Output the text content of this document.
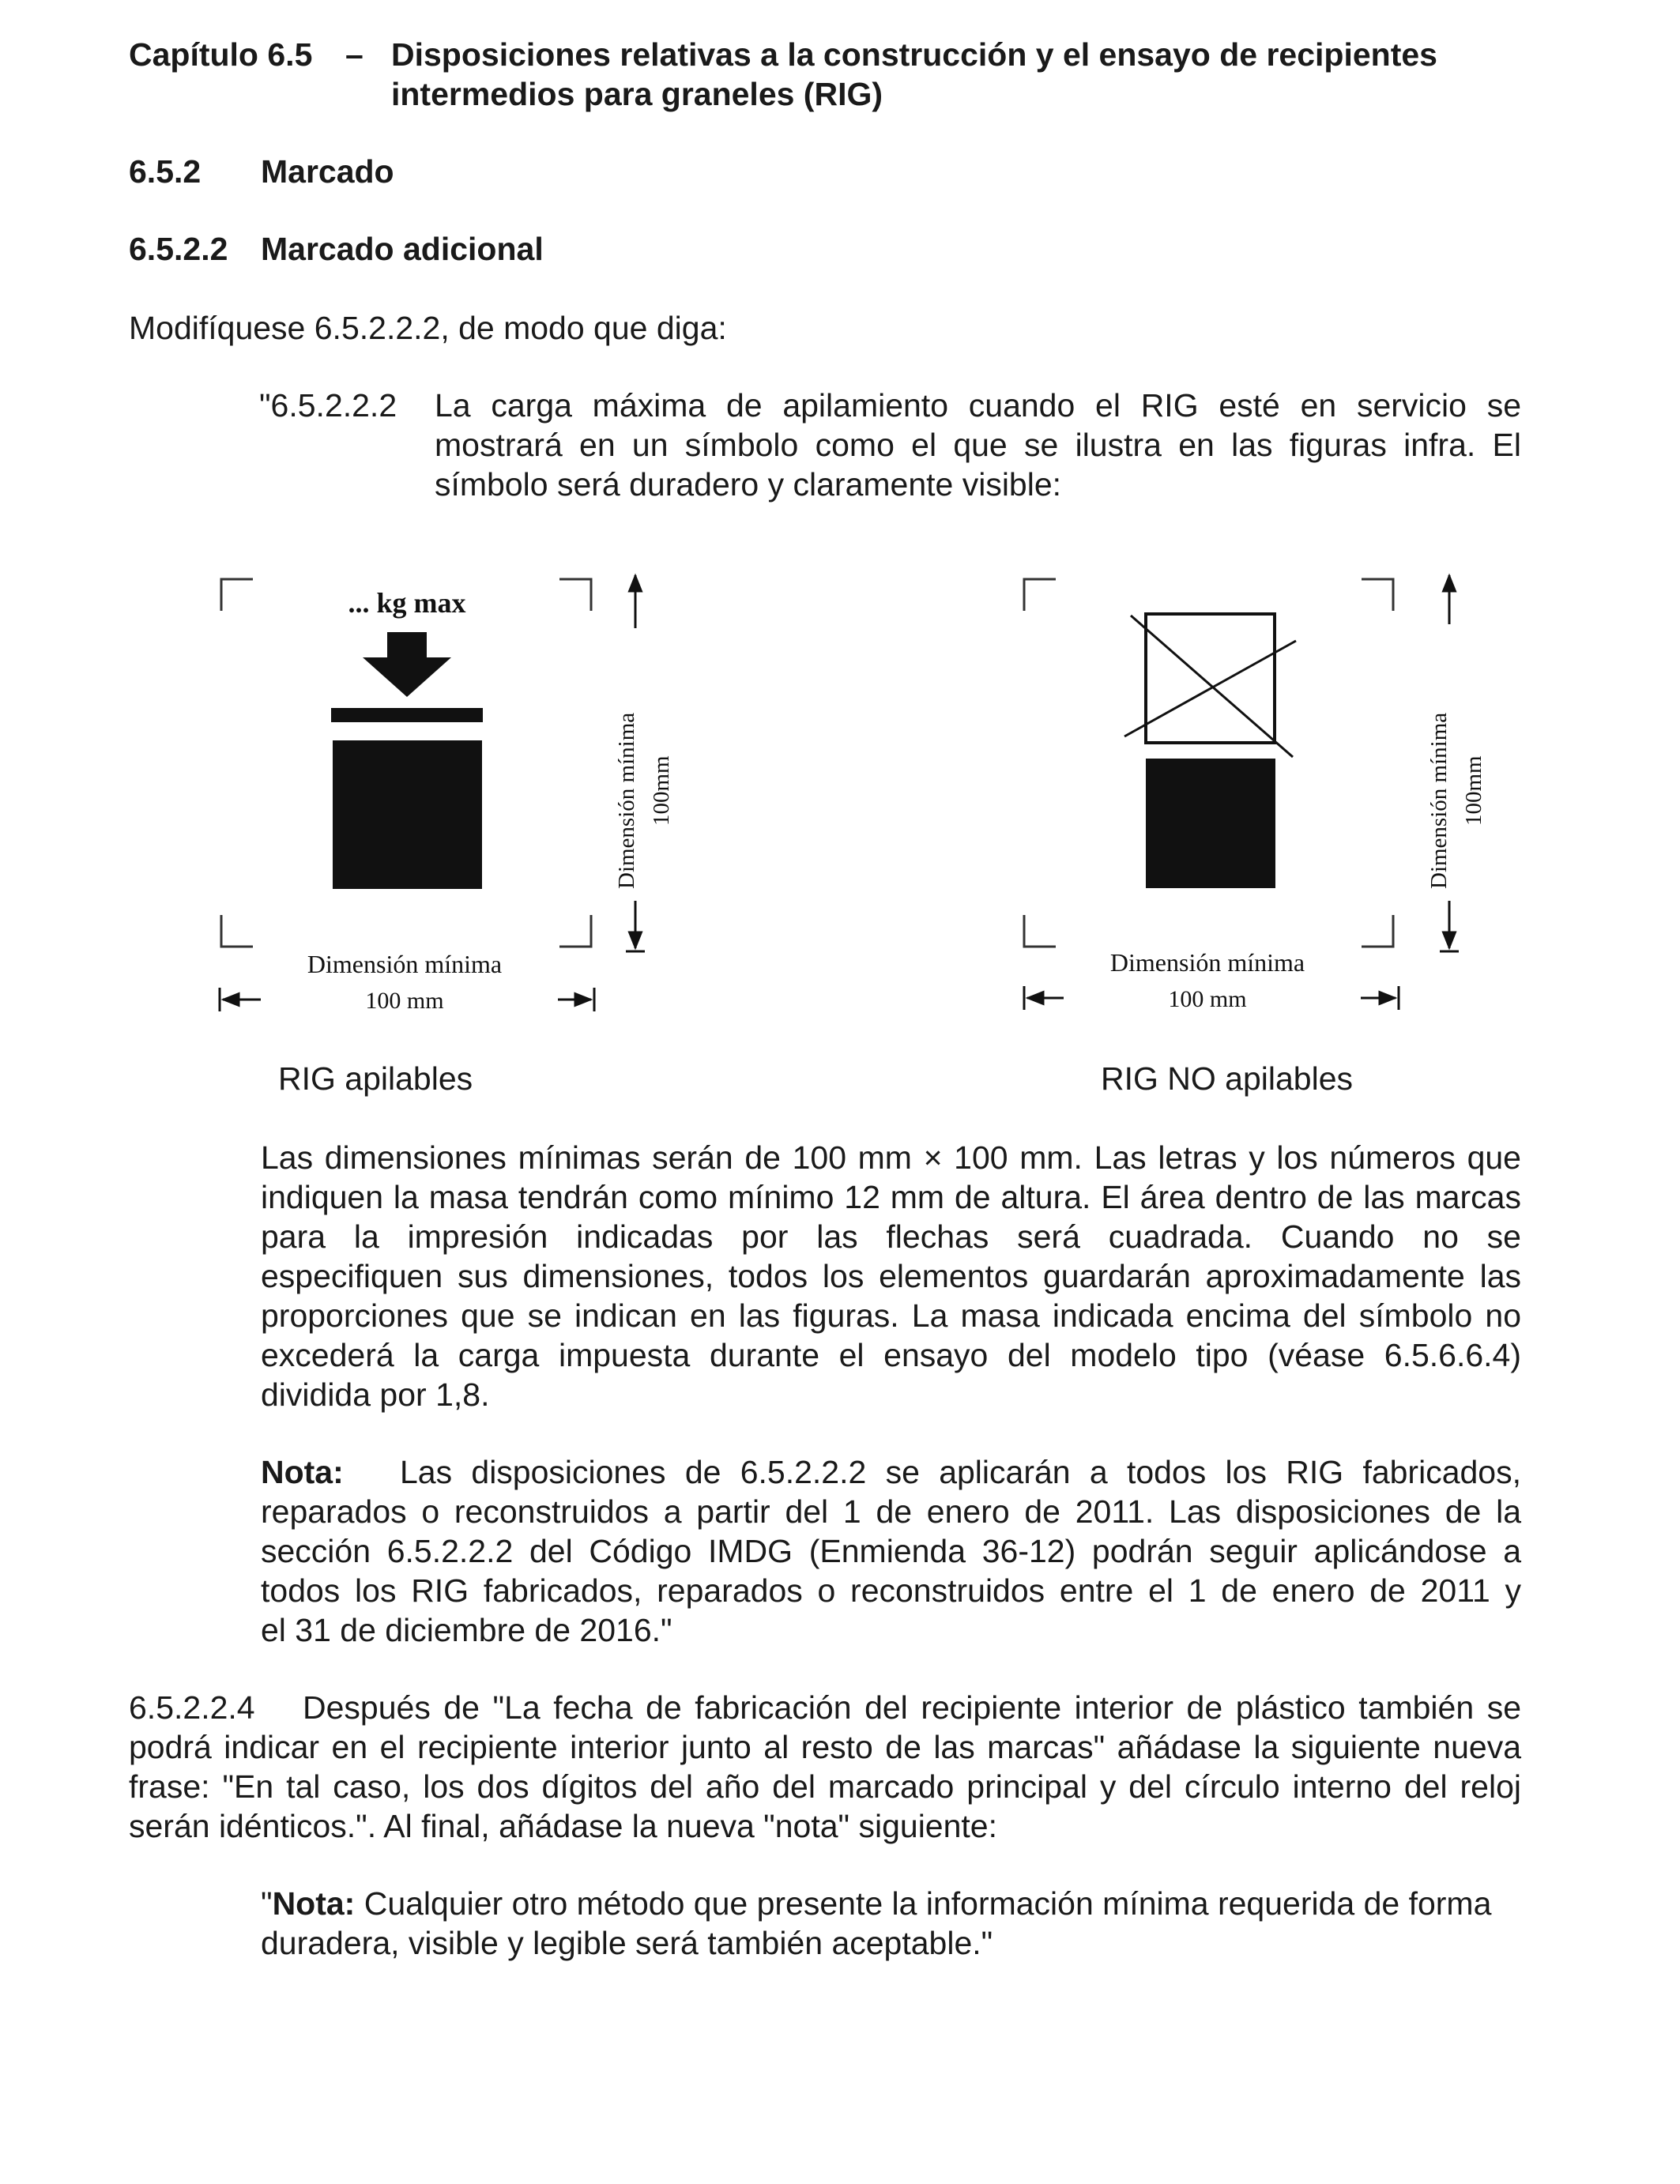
Capítulo 6.5 – Disposiciones relativas a la construcción y el ensayo de recipientes
intermedios para graneles (RIG)
6.5.2 Marcado
6.5.2.2 Marcado adicional
Modifíquese 6.5.2.2.2, de modo que diga:
"6.5.2.2.2 La carga máxima de apilamiento cuando el RIG esté en servicio se
mostrará en un símbolo como el que se ilustra en las figuras infra. El
símbolo será duradero y claramente visible:
... kg max
Dimensión mínima 100mm
Dimensión mínima
100 mm
Dimensión mínima 100mm
Dimensión mínima
100 mm
RIG apilables	RIG NO apilables
Las dimensiones mínimas serán de 100 mm × 100 mm. Las letras y los números que
indiquen la masa tendrán como mínimo 12 mm de altura. El área dentro de las marcas
para la impresión indicadas por las flechas será cuadrada. Cuando no se
especifiquen sus dimensiones, todos los elementos guardarán aproximadamente las
proporciones que se indican en las figuras. La masa indicada encima del símbolo no
excederá la carga impuesta durante el ensayo del modelo tipo (véase 6.5.6.6.4)
dividida por 1,8.
Nota: Las disposiciones de 6.5.2.2.2 se aplicarán a todos los RIG fabricados,
reparados o reconstruidos a partir del 1 de enero de 2011. Las disposiciones de la
sección 6.5.2.2.2 del Código IMDG (Enmienda 36-12) podrán seguir aplicándose a
todos los RIG fabricados, reparados o reconstruidos entre el 1 de enero de 2011 y
el 31 de diciembre de 2016."
6.5.2.2.4 Después de "La fecha de fabricación del recipiente interior de plástico también se
podrá indicar en el recipiente interior junto al resto de las marcas" añádase la siguiente nueva
frase: "En tal caso, los dos dígitos del año del marcado principal y del círculo interno del reloj
serán idénticos.". Al final, añádase la nueva "nota" siguiente:
"Nota: Cualquier otro método que presente la información mínima requerida de forma
duradera, visible y legible será también aceptable."
